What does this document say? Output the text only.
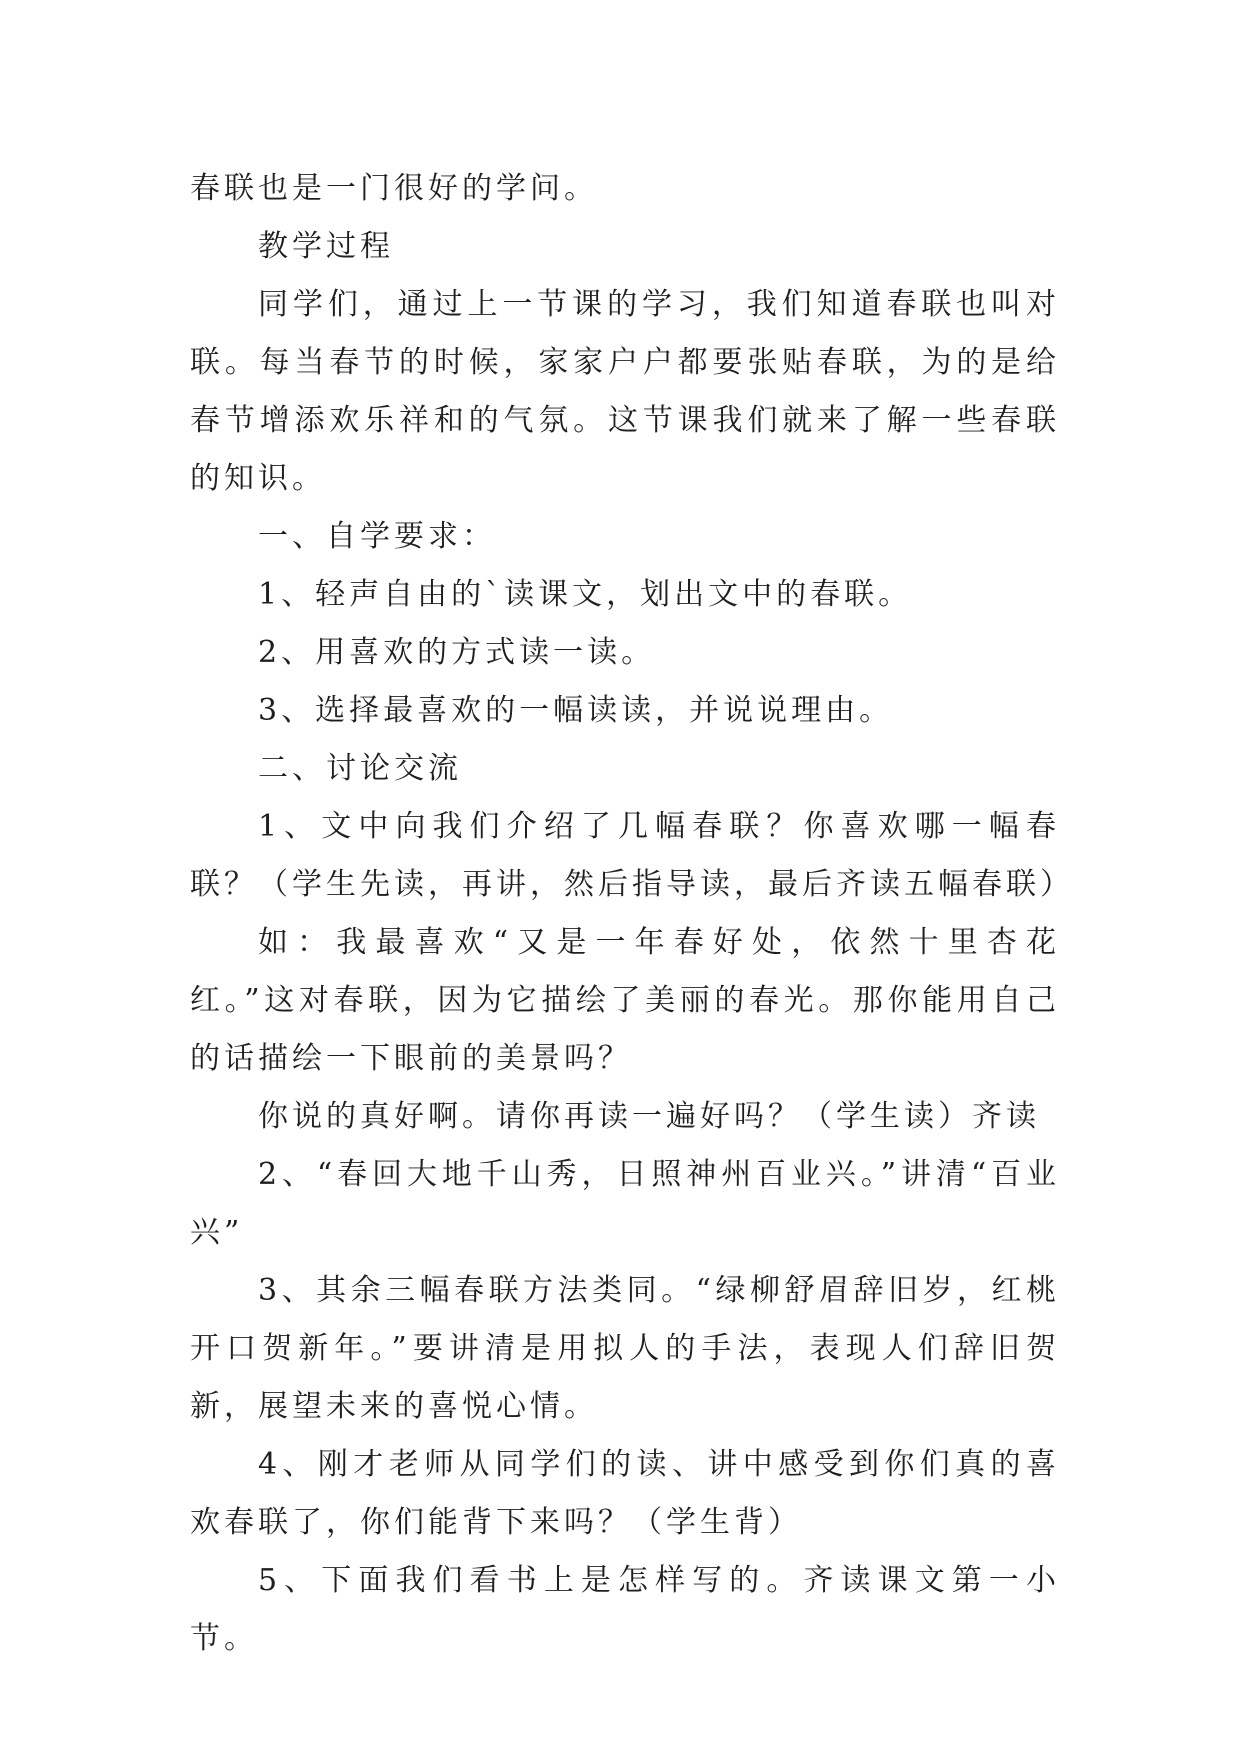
春联也是一门很好的学问。

教学过程

同学们，通过上一节课的学习，我们知道春联也叫对联。每当春节的时候，家家户户都要张贴春联，为的是给春节增添欢乐祥和的气氛。这节课我们就来了解一些春联的知识。

一、自学要求：

1、轻声自由的`读课文，划出文中的春联。

2、用喜欢的方式读一读。

3、选择最喜欢的一幅读读，并说说理由。

二、讨论交流

1、文中向我们介绍了几幅春联？你喜欢哪一幅春联？（学生先读，再讲，然后指导读，最后齐读五幅春联）

如：我最喜欢“又是一年春好处，依然十里杏花红。”这对春联，因为它描绘了美丽的春光。那你能用自己的话描绘一下眼前的美景吗？

你说的真好啊。请你再读一遍好吗？（学生读）齐读

2、“春回大地千山秀，日照神州百业兴。”讲清“百业兴”

3、其余三幅春联方法类同。“绿柳舒眉辞旧岁，红桃开口贺新年。”要讲清是用拟人的手法，表现人们辞旧贺新，展望未来的喜悦心情。

4、刚才老师从同学们的读、讲中感受到你们真的喜欢春联了，你们能背下来吗？（学生背）

5、下面我们看书上是怎样写的。齐读课文第一小节。
